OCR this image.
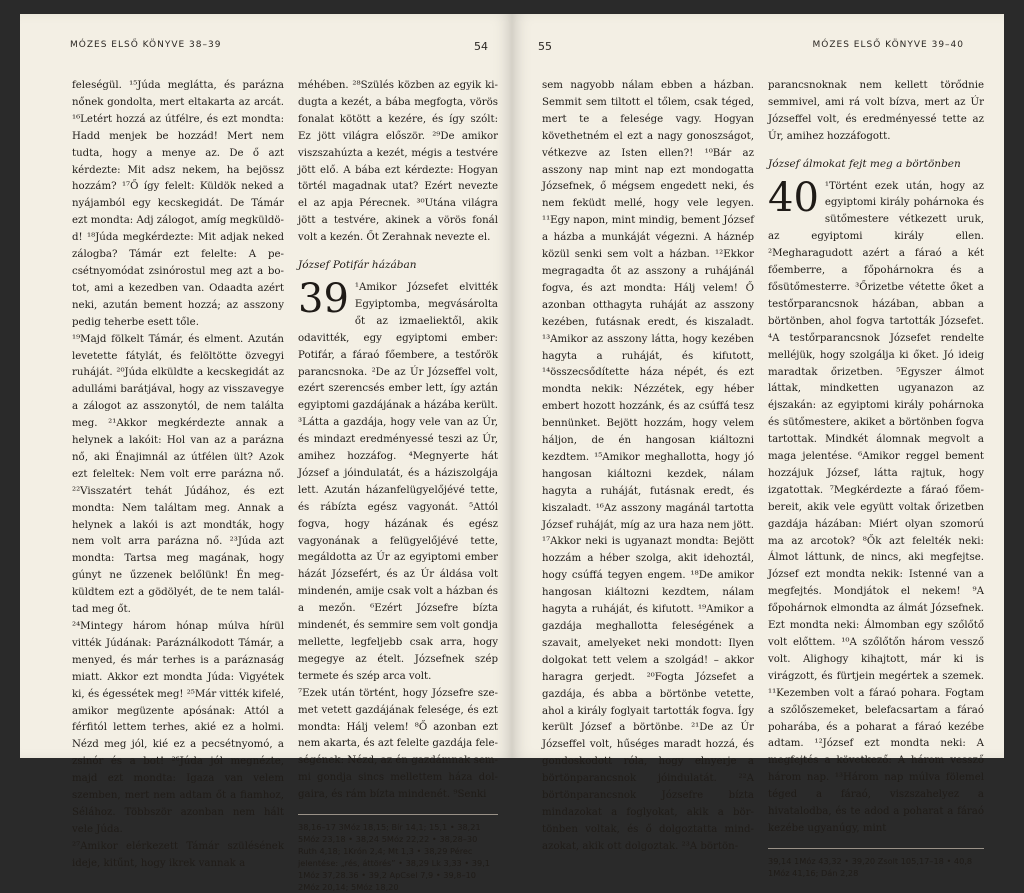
MÓZES ELSŐ KÖNYVE 38–39	54

feleségül. ¹⁵Júda meglátta, és parázna nőnek gondolta, mert eltakarta az arcát. ¹⁶Letért hozzá az útfélre, és ezt mondta: Hadd menjek be hozzád! Mert nem tudta, hogy a menye az. De ő azt kérdezte: Mit adsz nekem, ha bejössz hozzám? ¹⁷Ő így felelt: Küldök neked a nyájamból egy kecskegidát. De Támár ezt mondta: Adj zálogot, amíg megküldöd! ¹⁸Júda megkérdezte: Mit adjak neked zálogba? Támár ezt felelte: A pecsétnyomódat zsinórostul meg azt a botot, ami a kezedben van. Odaadta azért neki, azután bement hozzá; az asszony pedig teherbe esett tőle.

¹⁹Majd fölkelt Támár, és elment. Azután levetette fátylát, és felöltötte özvegyi ruháját. ²⁰Júda elküldte a kecskegidát az adullámi barátjával, hogy az visszavegye a zálogot az asszonytól, de nem találta meg. ²¹Akkor megkérdezte annak a helynek a lakóit: Hol van az a parázna nő, aki Énajimnál az útfélen ült? Azok ezt feleltek: Nem volt erre parázna nő. ²²Visszatért tehát Júdához, és ezt mondta: Nem találtam meg. Annak a helynek a lakói is azt mondták, hogy nem volt arra parázna nő. ²³Júda azt mondta: Tartsa meg magának, hogy gúnyt ne űzzenek belőlünk! Én megküldtem ezt a gödölyét, de te nem találtad meg őt.

²⁴Mintegy három hónap múlva hírül vitték Júdának: Paráználkodott Támár, a menyed, és már terhes is a paráznaság miatt. Akkor ezt mondta Júda: Vigyétek ki, és égessétek meg! ²⁵Már vitték kifelé, amikor megüzente apósának: Attól a férfitól lettem terhes, akié ez a holmi. Nézd meg jól, kié ez a pecsétnyomó, a zsinór és a bot! ²⁶Júda jól megnézte, majd ezt mondta: Igaza van velem szemben, mert nem adtam őt a fiamhoz, Sélához. Többször azonban nem hált vele Júda.

²⁷Amikor elérkezett Támár szülésének ideje, kitűnt, hogy ikrek vannak a

méhében. ²⁸Szülés közben az egyik kidugta a kezét, a bába megfogta, vörös fonalat kötött a kezére, és így szólt: Ez jött világra először. ²⁹De amikor viszszahúzta a kezét, mégis a testvére jött elő. A bába ezt kérdezte: Hogyan törtél magadnak utat? Ezért nevezte el az apja Pérecnek. ³⁰Utána világra jött a testvére, akinek a vörös fonál volt a kezén. Őt Zerahnak nevezte el.

József Potifár házában

39 ¹Amikor Józsefet elvitték Egyiptomba, megvásárolta őt az izmaeliektől, akik odavitték, egy egyiptomi ember: Potifár, a fáraó főembere, a testőrök parancsnoka. ²De az Úr Józseffel volt, ezért szerencsés ember lett, így aztán egyiptomi gazdájának a házába került. ³Látta a gazdája, hogy vele van az Úr, és mindazt eredményessé teszi az Úr, amihez hozzáfog. ⁴Megnyerte hát József a jóindulatát, és a háziszolgája lett. Azután házanfelügyelőjévé tette, és rábízta egész vagyonát. ⁵Attól fogva, hogy házának és egész vagyonának a felügyelőjévé tette, megáldotta az Úr az egyiptomi ember házát Józsefért, és az Úr áldása volt mindenén, amije csak volt a házban és a mezőn. ⁶Ezért Józsefre bízta mindenét, és semmire sem volt gondja mellette, legfeljebb csak arra, hogy megegye az ételt. Józsefnek szép termete és szép arca volt.

⁷Ezek után történt, hogy Józsefre szemet vetett gazdájának felesége, és ezt mondta: Hálj velem! ⁸Ő azonban ezt nem akarta, és azt felelte gazdája feleségének: Nézd, az én gazdámnak semmi gondja sincs mellettem háza dolgaira, és rám bízta mindenét. ⁹Senki

38,16–17 3Móz 18,15; Bír 14,1; 15,1 • 38,21 5Móz 23,18 • 38,24 5Móz 22,22 • 38,28–30 Ruth 4,18; 1Krón 2,4; Mt 1,3 • 38,29 Pérec jelentése: „rés, áttörés” • 38,29 Lk 3,33 • 39,1 1Móz 37,28.36 • 39,2 ApCsel 7,9 • 39,8–10 2Móz 20,14; 5Móz 18,20
55	MÓZES ELSŐ KÖNYVE 39–40

sem nagyobb nálam ebben a házban. Semmit sem tiltott el tőlem, csak téged, mert te a felesége vagy. Hogyan követhetném el ezt a nagy gonoszságot, vétkezve az Isten ellen?! ¹⁰Bár az asszony nap mint nap ezt mondogatta Józsefnek, ő mégsem engedett neki, és nem feküdt mellé, hogy vele legyen. ¹¹Egy napon, mint mindig, bement József a házba a munkáját végezni. A háznép közül senki sem volt a házban. ¹²Ekkor megragadta őt az asszony a ruhájánál fogva, és azt mondta: Hálj velem! Ő azonban otthagyta ruháját az asszony kezében, futásnak eredt, és kiszaladt. ¹³Amikor az asszony látta, hogy kezében hagyta a ruháját, és kifutott, ¹⁴összecsődítette háza népét, és ezt mondta nekik: Nézzétek, egy héber embert hozott hozzánk, és az csúffá tesz bennünket. Bejött hozzám, hogy velem háljon, de én hangosan kiáltozni kezdtem. ¹⁵Amikor meghallotta, hogy jó hangosan kiáltozni kezdek, nálam hagyta a ruháját, futásnak eredt, és kiszaladt. ¹⁶Az asszony magánál tartotta József ruháját, míg az ura haza nem jött. ¹⁷Akkor neki is ugyanazt mondta: Bejött hozzám a héber szolga, akit idehoztál, hogy csúffá tegyen engem. ¹⁸De amikor hangosan kiáltozni kezdtem, nálam hagyta a ruháját, és kifutott. ¹⁹Amikor a gazdája meghallotta feleségének a szavait, amelyeket neki mondott: Ilyen dolgokat tett velem a szolgád! – akkor haragra gerjedt. ²⁰Fogta Józsefet a gazdája, és abba a börtönbe vetette, ahol a király foglyait tartották fogva. Így került József a börtönbe. ²¹De az Úr Józseffel volt, hűséges maradt hozzá, és gondoskodott róla, hogy elnyerje a börtönparancsnok jóindulatát. ²²A börtönparancsnok Józsefre bízta mindazokat a foglyokat, akik a börtönben voltak, és ő dolgoztatta mindazokat, akik ott dolgoztak. ²³A börtön-

parancsnoknak nem kellett törődnie semmivel, ami rá volt bízva, mert az Úr Józseffel volt, és eredményessé tette az Úr, amihez hozzáfogott.

József álmokat fejt meg a börtönben

40 ¹Történt ezek után, hogy az egyiptomi király pohárnoka és sütőmestere vétkezett uruk, az egyiptomi király ellen. ²Megharagudott azért a fáraó a két főemberre, a főpohárnokra és a fősütőmesterre. ³Őrizetbe vétette őket a testőrparancsnok házában, abban a börtönben, ahol fogva tartották Józsefet. ⁴A testőrparancsnok Józsefet rendelte melléjük, hogy szolgálja ki őket. Jó ideig maradtak őrizetben. ⁵Egyszer álmot láttak, mindketten ugyanazon az éjszakán: az egyiptomi király pohárnoka és sütőmestere, akiket a börtönben fogva tartottak. Mindkét álomnak megvolt a maga jelentése. ⁶Amikor reggel bement hozzájuk József, látta rajtuk, hogy izgatottak. ⁷Megkérdezte a fáraó főembereit, akik vele együtt voltak őrizetben gazdája házában: Miért olyan szomorú ma az arcotok? ⁸Ők azt felelték neki: Álmot láttunk, de nincs, aki megfejtse. József ezt mondta nekik: Istenné van a megfejtés. Mondjátok el nekem! ⁹A főpohárnok elmondta az álmát Józsefnek. Ezt mondta neki: Álmomban egy szőlőtő volt előttem. ¹⁰A szőlőtőn három vessző volt. Alighogy kihajtott, már ki is virágzott, és fürtjein megértek a szemek. ¹¹Kezemben volt a fáraó pohara. Fogtam a szőlőszemeket, belefacsartam a fáraó poharába, és a poharat a fáraó kezébe adtam. ¹²József ezt mondta neki: A megfejtés a következő: A három vessző három nap. ¹³Három nap múlva fölemel téged a fáraó, viszszahelyez a hivatalodba, és te adod a poharat a fáraó kezébe ugyanúgy, mint

39,14 1Móz 43,32 • 39,20 Zsolt 105,17–18 • 40,8 1Móz 41,16; Dán 2,28
